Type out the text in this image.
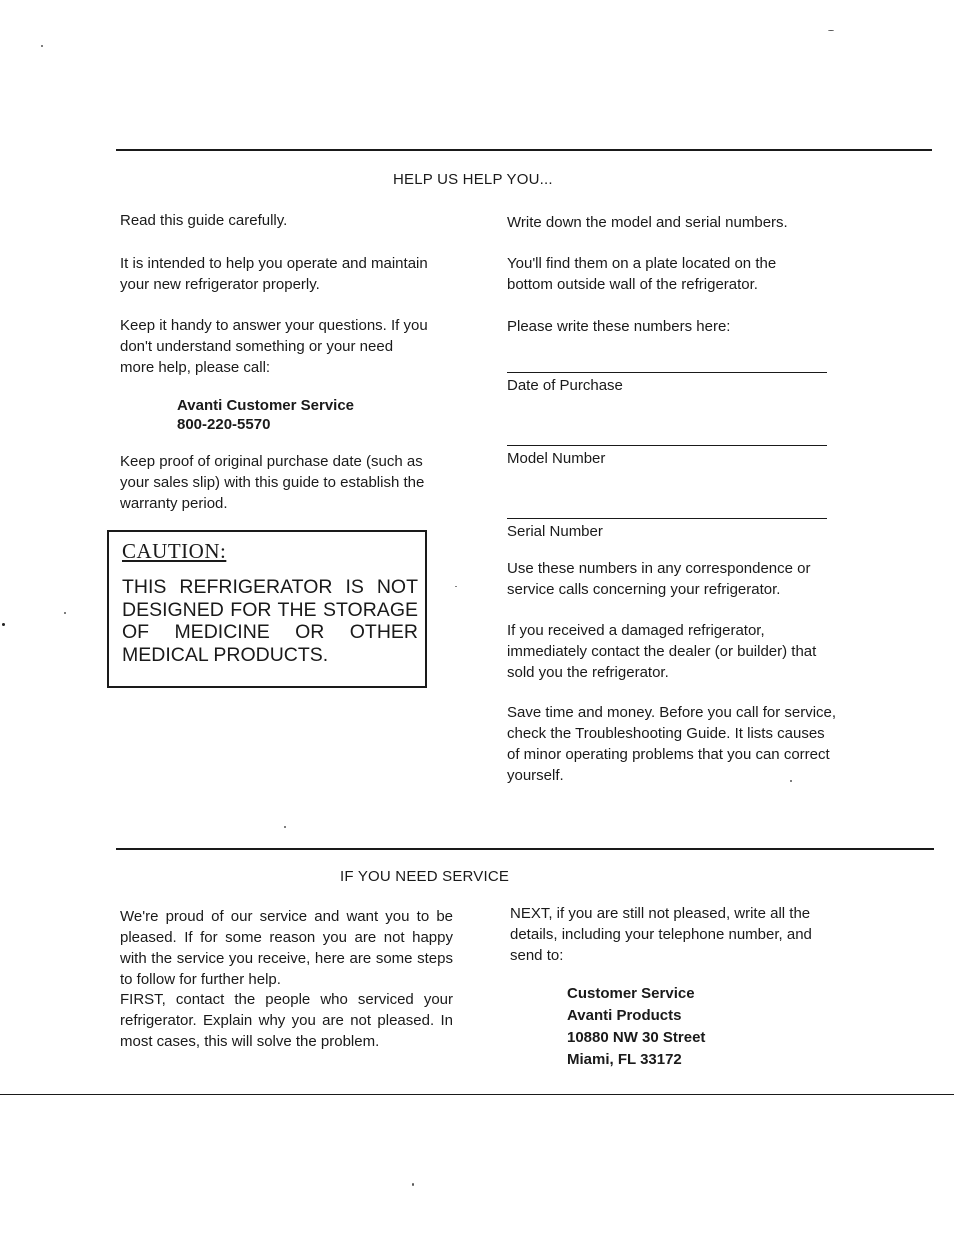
HELP US HELP YOU...
Read this guide carefully.
It is intended to help you operate and maintain your new refrigerator properly.
Keep it handy to answer your questions. If you don't understand something or your need more help, please call:
Avanti Customer Service
800-220-5570
Keep proof of original purchase date (such as your sales slip) with this guide to establish the warranty period.
CAUTION:
THIS REFRIGERATOR IS NOT DESIGNED FOR THE STORAGE OF MEDICINE OR OTHER MEDICAL PRODUCTS.
Write down the model and serial numbers.
You'll find them on a plate located on the bottom outside wall of the refrigerator.
Please write these numbers here:
Date of Purchase
Model Number
Serial Number
Use these numbers in any correspondence or service calls concerning your refrigerator.
If you received a damaged refrigerator, immediately contact the dealer (or builder) that sold you the refrigerator.
Save time and money. Before you call for service, check the Troubleshooting Guide. It lists causes of minor operating problems that you can correct yourself.
IF YOU NEED SERVICE
We're proud of our service and want you to be pleased. If for some reason you are not happy with the service you receive, here are some steps to follow for further help.
FIRST, contact the people who serviced your refrigerator. Explain why you are not pleased. In most cases, this will solve the problem.
NEXT, if you are still not pleased, write all the details, including your telephone number, and send to:
Customer Service
Avanti Products
10880 NW 30 Street
Miami, FL 33172
